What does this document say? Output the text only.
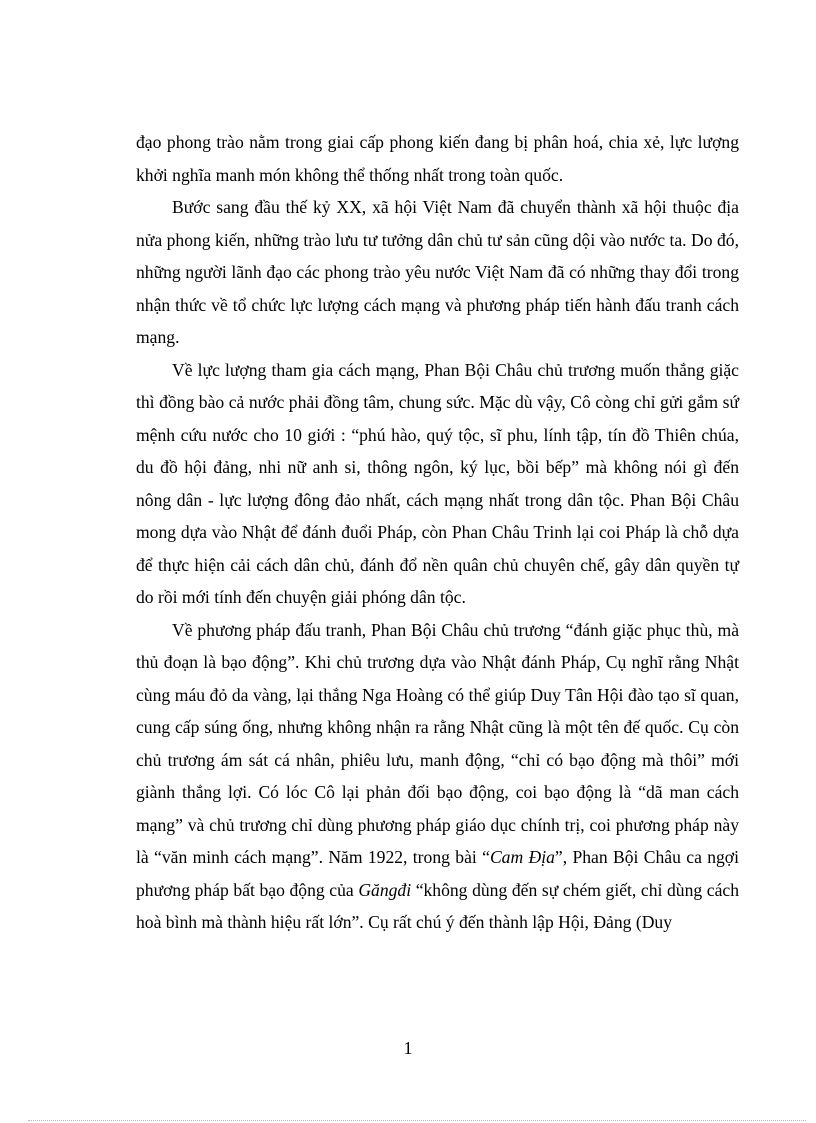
đạo phong trào nằm trong giai cấp phong kiến đang bị phân hoá, chia xẻ, lực lượng khởi nghĩa manh món không thể thống nhất trong toàn quốc.

Bước sang đầu thế kỷ XX, xã hội Việt Nam đã chuyển thành xã hội thuộc địa nửa phong kiến, những trào lưu tư tưởng dân chủ tư sản cũng dội vào nước ta. Do đó, những người lãnh đạo các phong trào yêu nước Việt Nam đã có những thay đổi trong nhận thức về tổ chức lực lượng cách mạng và phương pháp tiến hành đấu tranh cách mạng.

Về lực lượng tham gia cách mạng, Phan Bội Châu chủ trương muốn thắng giặc thì đồng bào cả nước phải đồng tâm, chung sức. Mặc dù vậy, Cô còng chỉ gửi gắm sứ mệnh cứu nước cho 10 giới : “phú hào, quý tộc, sĩ phu, lính tập, tín đồ Thiên chúa, du đồ hội đảng, nhi nữ anh si, thông ngôn, ký lục, bồi bếp” mà không nói gì đến nông dân - lực lượng đông đảo nhất, cách mạng nhất trong dân tộc. Phan Bội Châu mong dựa vào Nhật để đánh đuổi Pháp, còn Phan Châu Trinh lại coi Pháp là chỗ dựa để thực hiện cải cách dân chủ, đánh đổ nền quân chủ chuyên chế, gây dân quyền tự do rồi mới tính đến chuyện giải phóng dân tộc.

Về phương pháp đấu tranh, Phan Bội Châu chủ trương “đánh giặc phục thù, mà thủ đoạn là bạo động”. Khi chủ trương dựa vào Nhật đánh Pháp, Cụ nghĩ rằng Nhật cùng máu đỏ da vàng, lại thắng Nga Hoàng có thể giúp Duy Tân Hội đào tạo sĩ quan, cung cấp súng ống, nhưng không nhận ra rằng Nhật cũng là một tên đế quốc. Cụ còn chủ trương ám sát cá nhân, phiêu lưu, manh động, “chỉ có bạo động mà thôi” mới giành thắng lợi. Có lóc Cô lại phản đối bạo động, coi bạo động là “dã man cách mạng” và chủ trương chỉ dùng phương pháp giáo dục chính trị, coi phương pháp này là “văn minh cách mạng”. Năm 1922, trong bài “Cam Địa”, Phan Bội Châu ca ngợi phương pháp bất bạo động của Găngđi “không dùng đến sự chém giết, chỉ dùng cách hoà bình mà thành hiệu rất lớn”. Cụ rất chú ý đến thành lập Hội, Đảng (Duy

1
